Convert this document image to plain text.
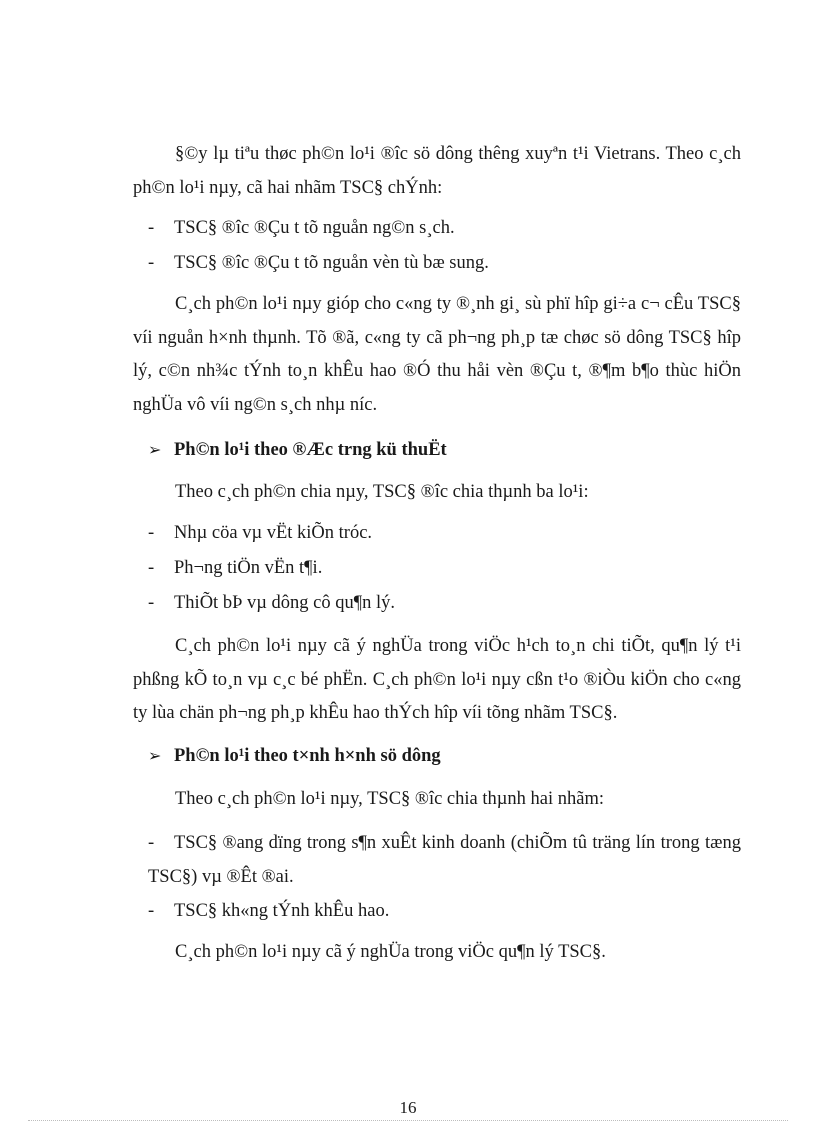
§©y lµ tiªu thøc ph©n lo¹i ®îc sö dông thêng xuyªn t¹i Vietrans. Theo c¸ch ph©n lo¹i nµy, cã hai nhãm TSC§ chÝnh:

- TSC§ ®îc ®Çu t tõ nguån ng©n s¸ch.

- TSC§ ®îc ®Çu t tõ nguån vèn tù bæ sung.

C¸ch ph©n lo¹i nµy gióp cho c«ng ty ®¸nh gi¸ sù phï hîp gi÷a c¬ cÊu TSC§ víi nguån h×nh thµnh. Tõ ®ã, c«ng ty cã ph¬ng ph¸p tæ chøc sö dông TSC§ hîp lý, c©n nh¾c tÝnh to¸n khÊu hao ®Ó thu håi vèn ®Çu t, ®¶m b¶o thùc hiÖn nghÜa vô víi ng©n s¸ch nhµ níc.

➢ Ph©n lo¹i theo ®Æc trng kü thuËt

Theo c¸ch ph©n chia nµy, TSC§ ®îc chia thµnh ba lo¹i:

- Nhµ cöa vµ vËt kiÕn tróc.

- Ph¬ng tiÖn vËn t¶i.

- ThiÕt bÞ vµ dông cô qu¶n lý.

C¸ch ph©n lo¹i nµy cã ý nghÜa trong viÖc h¹ch to¸n chi tiÕt, qu¶n lý t¹i phßng kÕ to¸n vµ c¸c bé phËn. C¸ch ph©n lo¹i nµy cßn t¹o ®iÒu kiÖn cho c«ng ty lùa chän ph¬ng ph¸p khÊu hao thÝch hîp víi tõng nhãm TSC§.

➢ Ph©n lo¹i theo t×nh h×nh sö dông

Theo c¸ch ph©n lo¹i nµy, TSC§ ®îc chia thµnh hai nhãm:

- TSC§ ®ang dïng trong s¶n xuÊt kinh doanh (chiÕm tû träng lín trong tæng TSC§) vµ ®Êt ®ai.

- TSC§ kh«ng tÝnh khÊu hao.

C¸ch ph©n lo¹i nµy cã ý nghÜa trong viÖc qu¶n lý TSC§.

16
